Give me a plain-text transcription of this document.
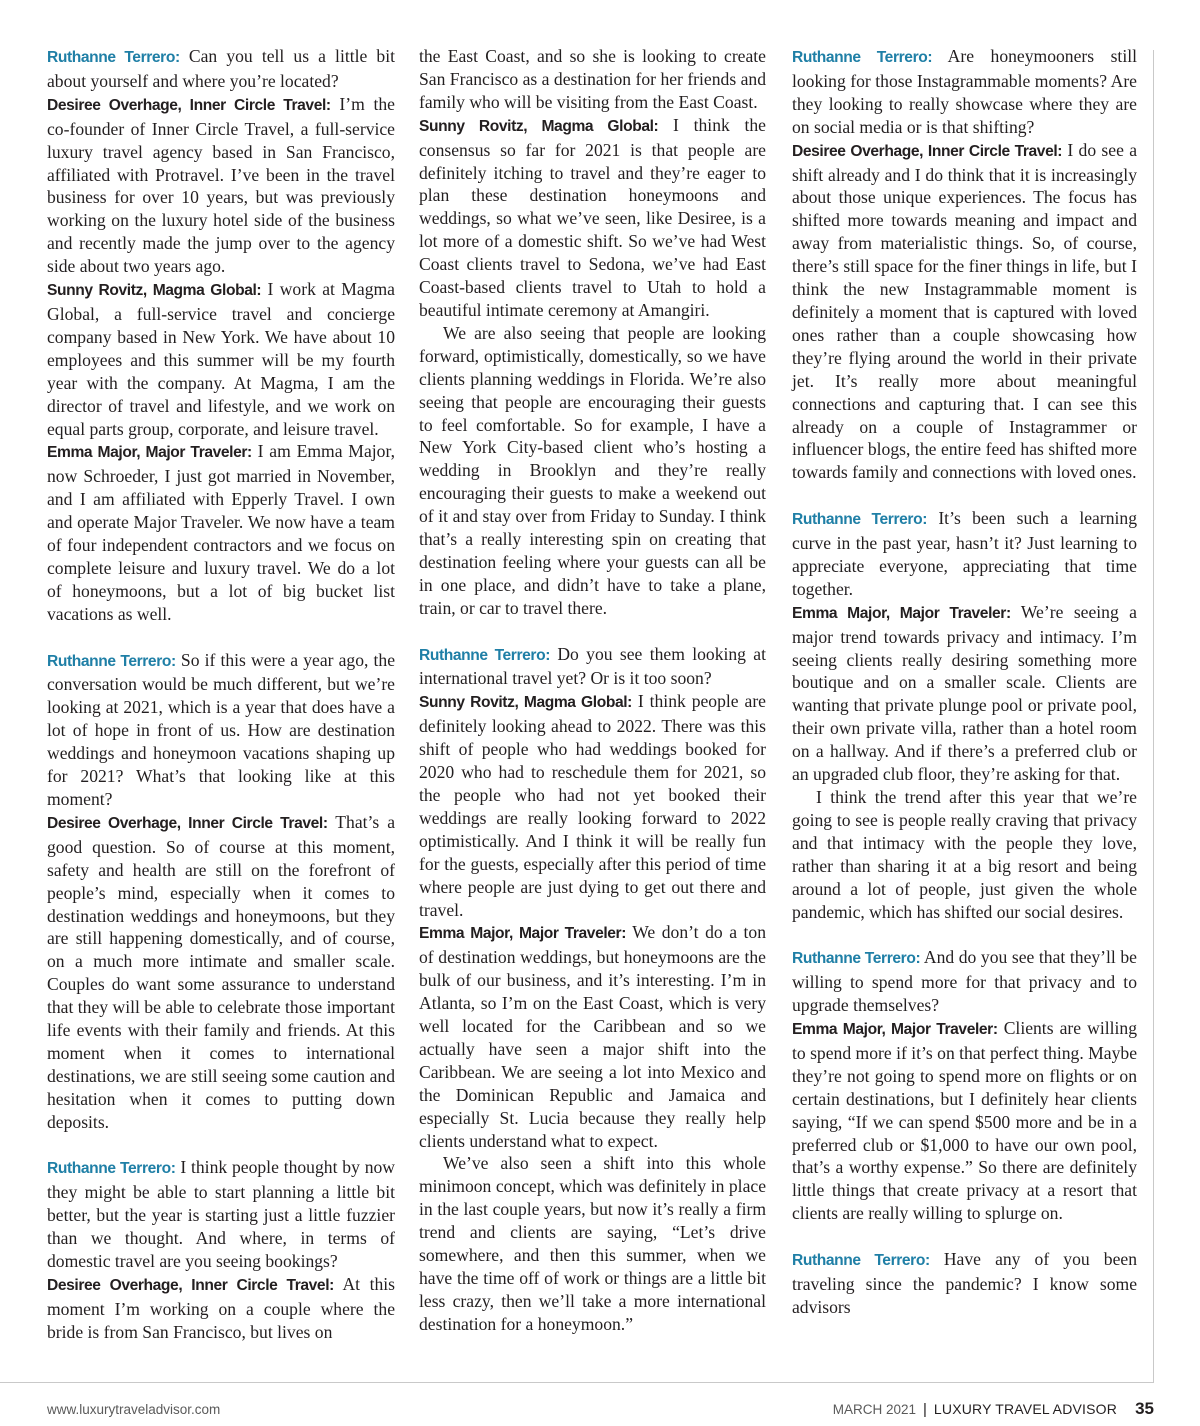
Ruthanne Terrero: Can you tell us a little bit about yourself and where you’re located?

Desiree Overhage, Inner Circle Travel: I’m the co-founder of Inner Circle Travel, a full-service luxury travel agency based in San Francisco, affiliated with Protravel. I’ve been in the travel business for over 10 years, but was previously working on the luxury hotel side of the business and recently made the jump over to the agency side about two years ago.

Sunny Rovitz, Magma Global: I work at Magma Global, a full-service travel and concierge company based in New York. We have about 10 employees and this summer will be my fourth year with the company. At Magma, I am the director of travel and lifestyle, and we work on equal parts group, corporate, and leisure travel.

Emma Major, Major Traveler: I am Emma Major, now Schroeder, I just got married in November, and I am affiliated with Epperly Travel. I own and operate Major Traveler. We now have a team of four independent contractors and we focus on complete leisure and luxury travel. We do a lot of honeymoons, but a lot of big bucket list vacations as well.

Ruthanne Terrero: So if this were a year ago, the conversation would be much different, but we’re looking at 2021, which is a year that does have a lot of hope in front of us. How are destination weddings and honeymoon vacations shaping up for 2021? What’s that looking like at this moment?

Desiree Overhage, Inner Circle Travel: That’s a good question. So of course at this moment, safety and health are still on the forefront of people’s mind, especially when it comes to destination weddings and honeymoons, but they are still happening domestically, and of course, on a much more intimate and smaller scale. Couples do want some assurance to understand that they will be able to celebrate those important life events with their family and friends. At this moment when it comes to international destinations, we are still seeing some caution and hesitation when it comes to putting down deposits.

Ruthanne Terrero: I think people thought by now they might be able to start planning a little bit better, but the year is starting just a little fuzzier than we thought. And where, in terms of domestic travel are you seeing bookings?

Desiree Overhage, Inner Circle Travel: At this moment I’m working on a couple where the bride is from San Francisco, but lives on

the East Coast, and so she is looking to create San Francisco as a destination for her friends and family who will be visiting from the East Coast.

Sunny Rovitz, Magma Global: I think the consensus so far for 2021 is that people are definitely itching to travel and they’re eager to plan these destination honeymoons and weddings, so what we’ve seen, like Desiree, is a lot more of a domestic shift. So we’ve had West Coast clients travel to Sedona, we’ve had East Coast-based clients travel to Utah to hold a beautiful intimate ceremony at Amangiri.

We are also seeing that people are looking forward, optimistically, domestically, so we have clients planning weddings in Florida. We’re also seeing that people are encouraging their guests to feel comfortable. So for example, I have a New York City-based client who’s hosting a wedding in Brooklyn and they’re really encouraging their guests to make a weekend out of it and stay over from Friday to Sunday. I think that’s a really interesting spin on creating that destination feeling where your guests can all be in one place, and didn’t have to take a plane, train, or car to travel there.

Ruthanne Terrero: Do you see them looking at international travel yet? Or is it too soon?

Sunny Rovitz, Magma Global: I think people are definitely looking ahead to 2022. There was this shift of people who had weddings booked for 2020 who had to reschedule them for 2021, so the people who had not yet booked their weddings are really looking forward to 2022 optimistically. And I think it will be really fun for the guests, especially after this period of time where people are just dying to get out there and travel.

Emma Major, Major Traveler: We don’t do a ton of destination weddings, but honeymoons are the bulk of our business, and it’s interesting. I’m in Atlanta, so I’m on the East Coast, which is very well located for the Caribbean and so we actually have seen a major shift into the Caribbean. We are seeing a lot into Mexico and the Dominican Republic and Jamaica and especially St. Lucia because they really help clients understand what to expect.

We’ve also seen a shift into this whole minimoon concept, which was definitely in place in the last couple years, but now it’s really a firm trend and clients are saying, “Let’s drive somewhere, and then this summer, when we have the time off of work or things are a little bit less crazy, then we’ll take a more international destination for a honeymoon.”

Ruthanne Terrero: Are honeymooners still looking for those Instagrammable moments? Are they looking to really showcase where they are on social media or is that shifting?

Desiree Overhage, Inner Circle Travel: I do see a shift already and I do think that it is increasingly about those unique experiences. The focus has shifted more towards meaning and impact and away from materialistic things. So, of course, there’s still space for the finer things in life, but I think the new Instagrammable moment is definitely a moment that is captured with loved ones rather than a couple showcasing how they’re flying around the world in their private jet. It’s really more about meaningful connections and capturing that. I can see this already on a couple of Instagrammer or influencer blogs, the entire feed has shifted more towards family and connections with loved ones.

Ruthanne Terrero: It’s been such a learning curve in the past year, hasn’t it? Just learning to appreciate everyone, appreciating that time together.

Emma Major, Major Traveler: We’re seeing a major trend towards privacy and intimacy. I’m seeing clients really desiring something more boutique and on a smaller scale. Clients are wanting that private plunge pool or private pool, their own private villa, rather than a hotel room on a hallway. And if there’s a preferred club or an upgraded club floor, they’re asking for that.

I think the trend after this year that we’re going to see is people really craving that privacy and that intimacy with the people they love, rather than sharing it at a big resort and being around a lot of people, just given the whole pandemic, which has shifted our social desires.

Ruthanne Terrero: And do you see that they’ll be willing to spend more for that privacy and to upgrade themselves?

Emma Major, Major Traveler: Clients are willing to spend more if it’s on that perfect thing. Maybe they’re not going to spend more on flights or on certain destinations, but I definitely hear clients saying, “If we can spend $500 more and be in a preferred club or $1,000 to have our own pool, that’s a worthy expense.” So there are definitely little things that create privacy at a resort that clients are really willing to splurge on.

Ruthanne Terrero: Have any of you been traveling since the pandemic? I know some advisors

www.luxurytraveladvisor.com	MARCH 2021 | LUXURY TRAVEL ADVISOR 35
